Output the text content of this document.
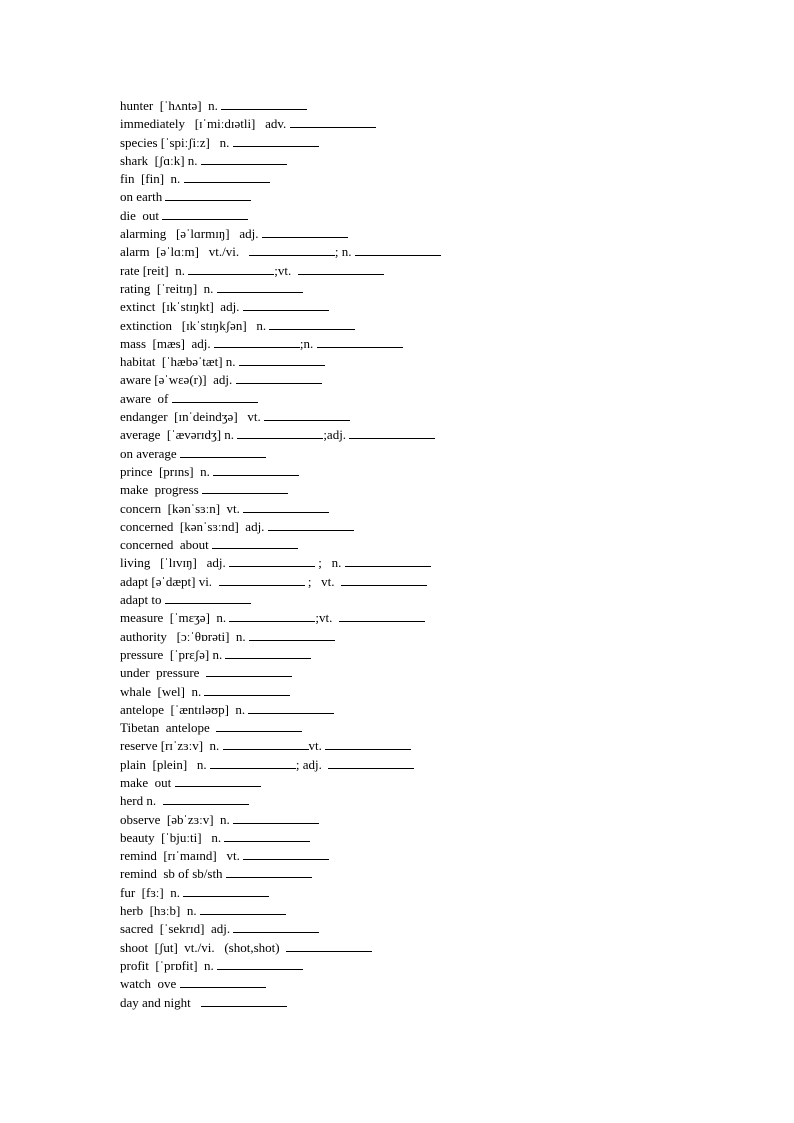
hunter  [ˈhʌntə]  n.
immediately   [ɪˈmiːdɪətli]   adv.
species [ˈspiːʃiːz]   n.
shark  [ʃɑːk] n.
fin  [fin]  n.
on earth
die  out
alarming   [əˈlɑrmɪŋ]   adj.
alarm  [əˈlɑːm]   vt./vi.	; n.
rate [reit]  n.	;vt.
rating  [ˈreitɪŋ]  n.
extinct  [ɪkˈstɪŋkt]  adj.
extinction   [ɪkˈstɪŋkʃən]   n.
mass  [mæs]  adj.	;n.
habitat  [ˈhæbəˈtæt] n.
aware [əˈwɛə(r)]  adj.
aware  of
endanger  [ɪnˈdeindʒə]   vt.
average  [ˈævərɪdʒ] n.	;adj.
on average
prince  [prɪns]  n.
make  progress
concern  [kənˈsɜːn]  vt.
concerned  [kənˈsɜːnd]  adj.
concerned  about
living   [ˈlɪvɪŋ]   adj.	;   n.
adapt [əˈdæpt] vi.	;   vt.
adapt to
measure  [ˈmɛʒə]  n.	;vt.
authority   [ɔːˈθɒrəti]  n.
pressure  [ˈprɛʃə] n.
under  pressure
whale  [wel]  n.
antelope  [ˈæntɪləʊp]  n.
Tibetan  antelope
reserve [rɪˈzɜːv]  n.	vt.
plain  [plein]   n.	; adj.
make  out
herd n.
observe  [əbˈzɜːv]  n.
beauty  [ˈbjuːti]   n.
remind  [rɪˈmaɪnd]   vt.
remind  sb of sb/sth
fur  [fɜː]  n.
herb  [hɜːb]  n.
sacred  [ˈsekrɪd]  adj.
shoot  [ʃut]  vt./vi.   (shot,shot)
profit  [ˈprɒfit]  n.
watch  ove
day and night
